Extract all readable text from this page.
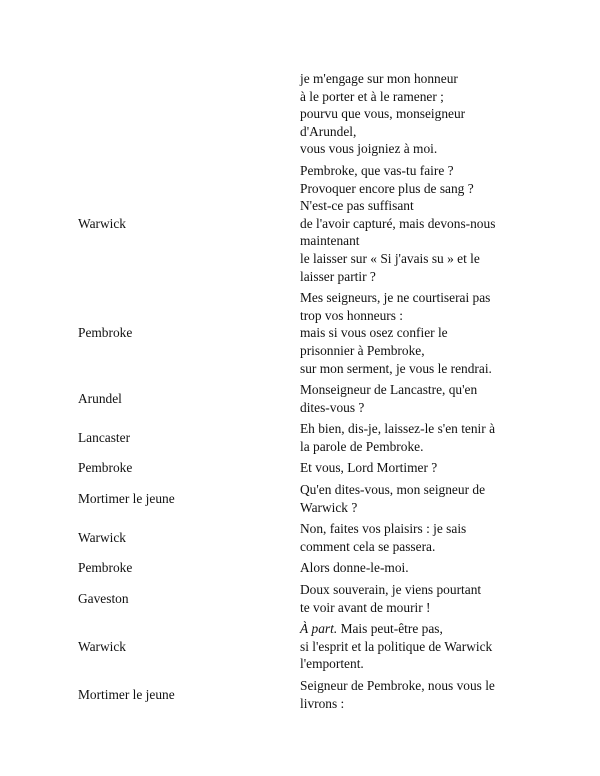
je m'engage sur mon honneur
à le porter et à le ramener ;
pourvu que vous, monseigneur
d'Arundel,
vous vous joigniez à moi.
Warwick
Pembroke, que vas-tu faire ?
Provoquer encore plus de sang ?
N'est-ce pas suffisant
de l'avoir capturé, mais devons-nous
maintenant
le laisser sur « Si j'avais su » et le
laisser partir ?
Pembroke
Mes seigneurs, je ne courtiserai pas
trop vos honneurs :
mais si vous osez confier le
prisonnier à Pembroke,
sur mon serment, je vous le rendrai.
Arundel
Monseigneur de Lancastre, qu'en
dites-vous ?
Lancaster
Eh bien, dis-je, laissez-le s'en tenir à
la parole de Pembroke.
Pembroke	Et vous, Lord Mortimer ?
Mortimer le jeune
Qu'en dites-vous, mon seigneur de
Warwick ?
Warwick
Non, faites vos plaisirs : je sais
comment cela se passera.
Pembroke	Alors donne-le-moi.
Gaveston
Doux souverain, je viens pourtant
te voir avant de mourir !
Warwick
À part. Mais peut-être pas,
si l'esprit et la politique de Warwick
l'emportent.
Mortimer le jeune
Seigneur de Pembroke, nous vous le
livrons :
